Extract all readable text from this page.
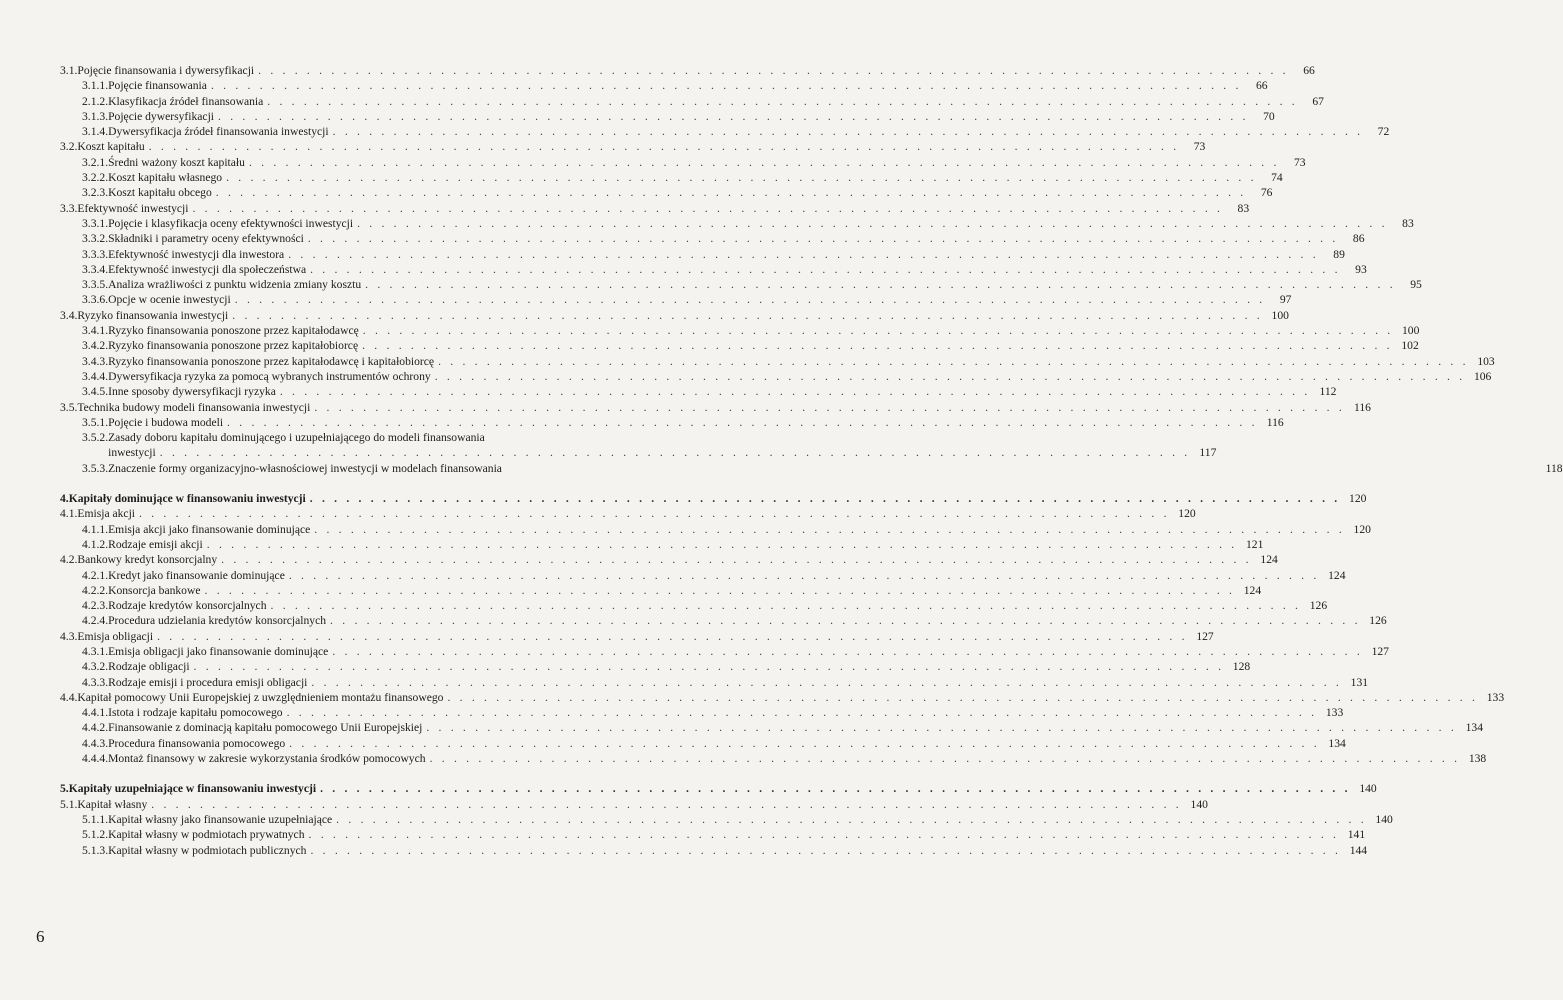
3.1. Pojęcie finansowania i dywersyfikacji . . .	66
3.1.1. Pojęcie finansowania . . .	66
2.1.2. Klasyfikacja źródeł finansowania . . .	67
3.1.3. Pojęcie dywersyfikacji . . .	70
3.1.4. Dywersyfikacja źródeł finansowania inwestycji . . .	72
3.2. Koszt kapitału . . .	73
3.2.1. Średni ważony koszt kapitału . . .	73
3.2.2. Koszt kapitału własnego . . .	74
3.2.3. Koszt kapitału obcego . . .	76
3.3. Efektywność inwestycji . . .	83
3.3.1. Pojęcie i klasyfikacja oceny efektywności inwestycji . . .	83
3.3.2. Składniki i parametry oceny efektywności . . .	86
3.3.3. Efektywność inwestycji dla inwestora . . .	89
3.3.4. Efektywność inwestycji dla społeczeństwa . . .	93
3.3.5. Analiza wrażliwości z punktu widzenia zmiany kosztu . . .	95
3.3.6. Opcje w ocenie inwestycji . . .	97
3.4. Ryzyko finansowania inwestycji . . .	100
3.4.1. Ryzyko finansowania ponoszone przez kapitałodawcę . . .	100
3.4.2. Ryzyko finansowania ponoszone przez kapitałobiorcę . . .	102
3.4.3. Ryzyko finansowania ponoszone przez kapitałodawcę i kapitałobiorcę . . .	103
3.4.4. Dywersyfikacja ryzyka za pomocą wybranych instrumentów ochrony . . .	106
3.4.5. Inne sposoby dywersyfikacji ryzyka . . .	112
3.5. Technika budowy modeli finansowania inwestycji . . .	116
3.5.1. Pojęcie i budowa modeli . . .	116
3.5.2. Zasady doboru kapitału dominującego i uzupełniającego do modeli finansowania
inwestycji . . .	117
3.5.3. Znaczenie formy organizacyjno-własnościowej inwestycji w modelach finansowania	118
4. Kapitały dominujące w finansowaniu inwestycji . . .	120
4.1. Emisja akcji . . .	120
4.1.1. Emisja akcji jako finansowanie dominujące . . .	120
4.1.2. Rodzaje emisji akcji . . .	121
4.2. Bankowy kredyt konsorcjalny . . .	124
4.2.1. Kredyt jako finansowanie dominujące . . .	124
4.2.2. Konsorcja bankowe . . .	124
4.2.3. Rodzaje kredytów konsorcjalnych . . .	126
4.2.4. Procedura udzielania kredytów konsorcjalnych . . .	126
4.3. Emisja obligacji . . .	127
4.3.1. Emisja obligacji jako finansowanie dominujące . . .	127
4.3.2. Rodzaje obligacji . . .	128
4.3.3. Rodzaje emisji i procedura emisji obligacji . . .	131
4.4. Kapitał pomocowy Unii Europejskiej z uwzględnieniem montażu finansowego . . .	133
4.4.1. Istota i rodzaje kapitału pomocowego . . .	133
4.4.2. Finansowanie z dominacją kapitału pomocowego Unii Europejskiej . . .	134
4.4.3. Procedura finansowania pomocowego . . .	134
4.4.4. Montaż finansowy w zakresie wykorzystania środków pomocowych . . .	138
5. Kapitały uzupełniające w finansowaniu inwestycji . . .	140
5.1. Kapitał własny . . .	140
5.1.1. Kapitał własny jako finansowanie uzupełniające . . .	140
5.1.2. Kapitał własny w podmiotach prywatnych . . .	141
5.1.3. Kapitał własny w podmiotach publicznych . . .	144
6
